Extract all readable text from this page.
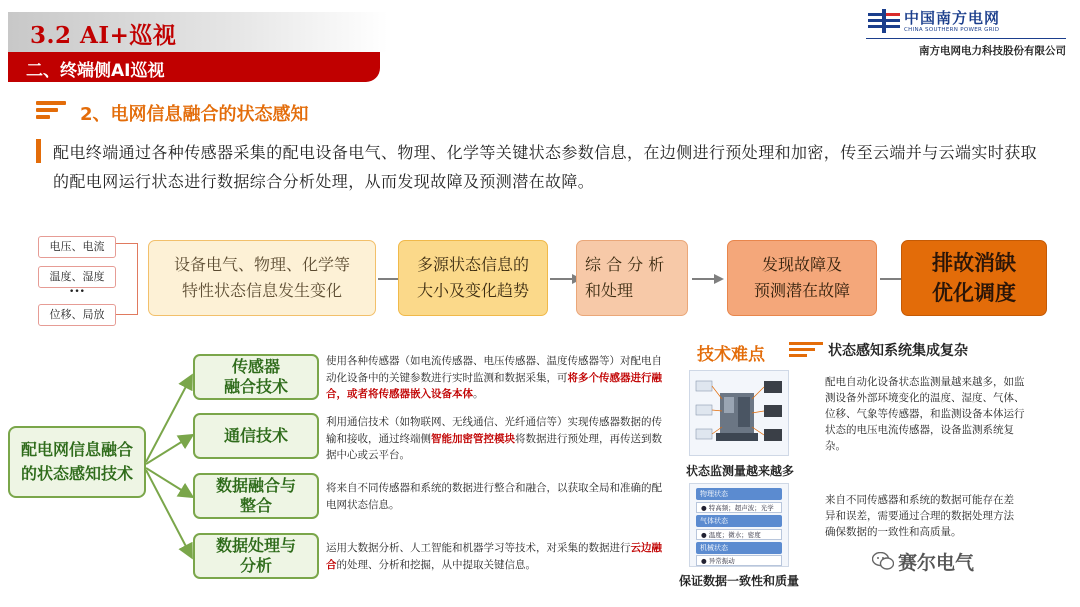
3.2 AI+巡视
二、终端侧AI巡视
中国南方电网
CHINA SOUTHERN POWER GRID
南方电网电力科技股份有限公司
2、电网信息融合的状态感知
配电终端通过各种传感器采集的配电设备电气、物理、化学等关键状态参数信息，在边侧进行预处理和加密，传至云端并与云端实时获取的配电网运行状态进行数据综合分析处理，从而发现故障及预测潜在故障。
电压、电流
温度、湿度
•••
位移、局放
设备电气、物理、化学等
特性状态信息发生变化
多源状态信息的
大小及变化趋势
综 合 分 析
和处理
发现故障及
预测潜在故障
排故消缺
优化调度
配电网信息融合
的状态感知技术
传感器
融合技术
使用各种传感器（如电流传感器、电压传感器、温度传感器等）对配电自动化设备中的关键参数进行实时监测和数据采集，可将多个传感器进行融合，或者将传感器嵌入设备本体。
通信技术
利用通信技术（如物联网、无线通信、光纤通信等）实现传感器数据的传输和接收，通过终端侧智能加密管控模块将数据进行预处理，再传送到数据中心或云平台。
数据融合与
整合
将来自不同传感器和系统的数据进行整合和融合，以获取全局和准确的配电网状态信息。
数据处理与
分析
运用大数据分析、人工智能和机器学习等技术，对采集的数据进行云边融合的处理、分析和挖掘，从中提取关键信息。
技术难点	状态感知系统集成复杂
状态监测量越来越多
物理状态
● 特高频；超声波；光学
气体状态
● 温度；微水；密度
机械状态
● 异常振动
保证数据一致性和质量
配电自动化设备状态监测量越来越多，如监测设备外部环境变化的温度、湿度、气体、位移、气象等传感器，和监测设备本体运行状态的电压电流传感器，设备监测系统复杂。
来自不同传感器和系统的数据可能存在差异和误差，需要通过合理的数据处理方法确保数据的一致性和高质量。
赛尔电气
